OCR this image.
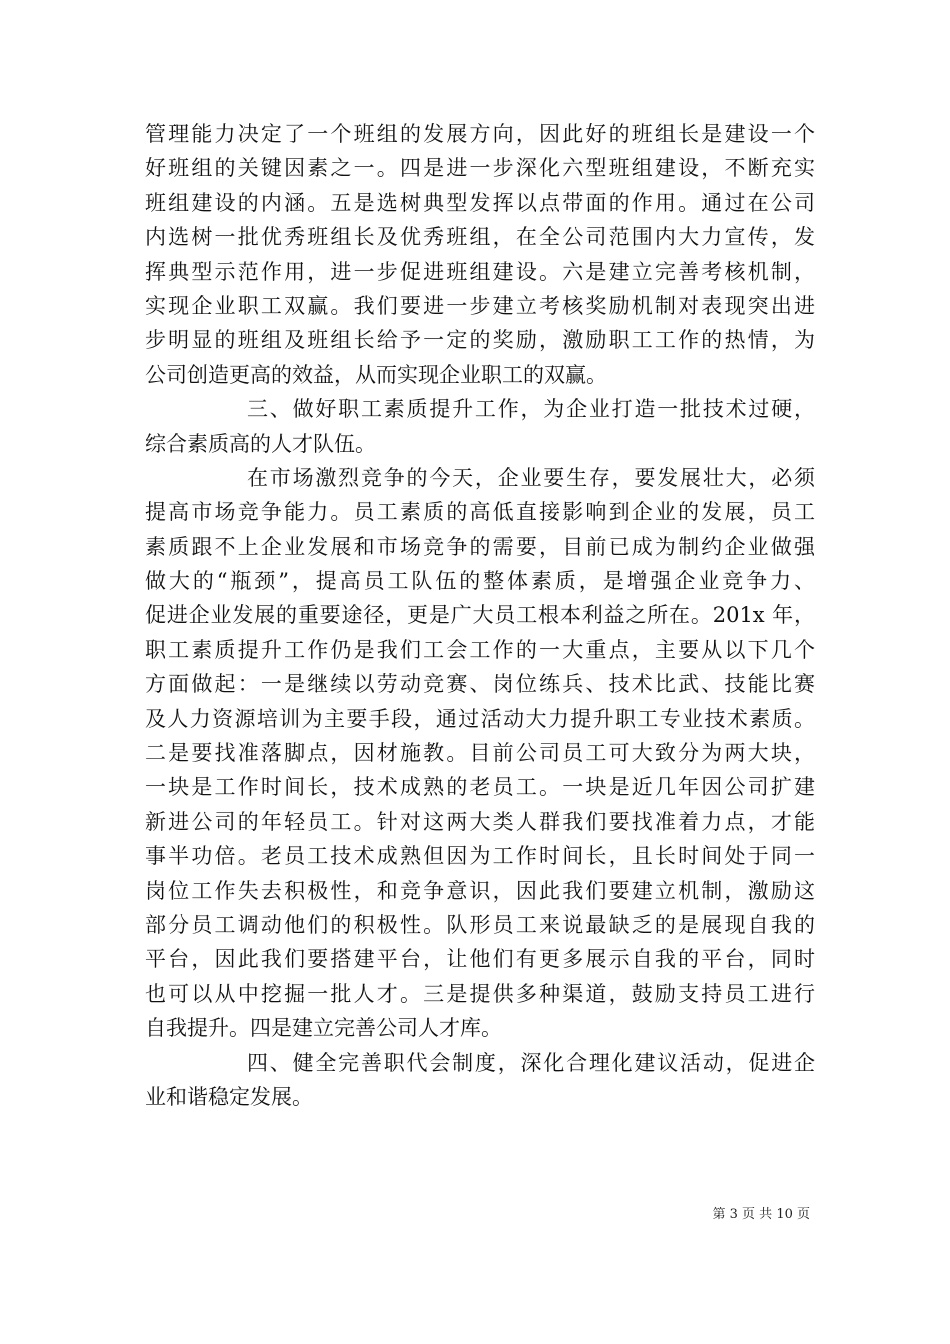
管理能力决定了一个班组的发展方向，因此好的班组长是建设一个
好班组的关键因素之一。四是进一步深化六型班组建设，不断充实
班组建设的内涵。五是选树典型发挥以点带面的作用。通过在公司
内选树一批优秀班组长及优秀班组，在全公司范围内大力宣传，发
挥典型示范作用，进一步促进班组建设。六是建立完善考核机制，
实现企业职工双赢。我们要进一步建立考核奖励机制对表现突出进
步明显的班组及班组长给予一定的奖励，激励职工工作的热情，为
公司创造更高的效益，从而实现企业职工的双赢。
三、做好职工素质提升工作，为企业打造一批技术过硬，
综合素质高的人才队伍。
在市场激烈竞争的今天，企业要生存，要发展壮大，必须
提高市场竞争能力。员工素质的高低直接影响到企业的发展，员工
素质跟不上企业发展和市场竞争的需要，目前已成为制约企业做强
做大的“瓶颈”，提高员工队伍的整体素质，是增强企业竞争力、
促进企业发展的重要途径，更是广大员工根本利益之所在。201x 年，
职工素质提升工作仍是我们工会工作的一大重点，主要从以下几个
方面做起：一是继续以劳动竞赛、岗位练兵、技术比武、技能比赛
及人力资源培训为主要手段，通过活动大力提升职工专业技术素质。
二是要找准落脚点，因材施教。目前公司员工可大致分为两大块，
一块是工作时间长，技术成熟的老员工。一块是近几年因公司扩建
新进公司的年轻员工。针对这两大类人群我们要找准着力点，才能
事半功倍。老员工技术成熟但因为工作时间长，且长时间处于同一
岗位工作失去积极性，和竞争意识，因此我们要建立机制，激励这
部分员工调动他们的积极性。队形员工来说最缺乏的是展现自我的
平台，因此我们要搭建平台，让他们有更多展示自我的平台，同时
也可以从中挖掘一批人才。三是提供多种渠道，鼓励支持员工进行
自我提升。四是建立完善公司人才库。
四、健全完善职代会制度，深化合理化建议活动，促进企
业和谐稳定发展。
第 3 页 共 10 页
